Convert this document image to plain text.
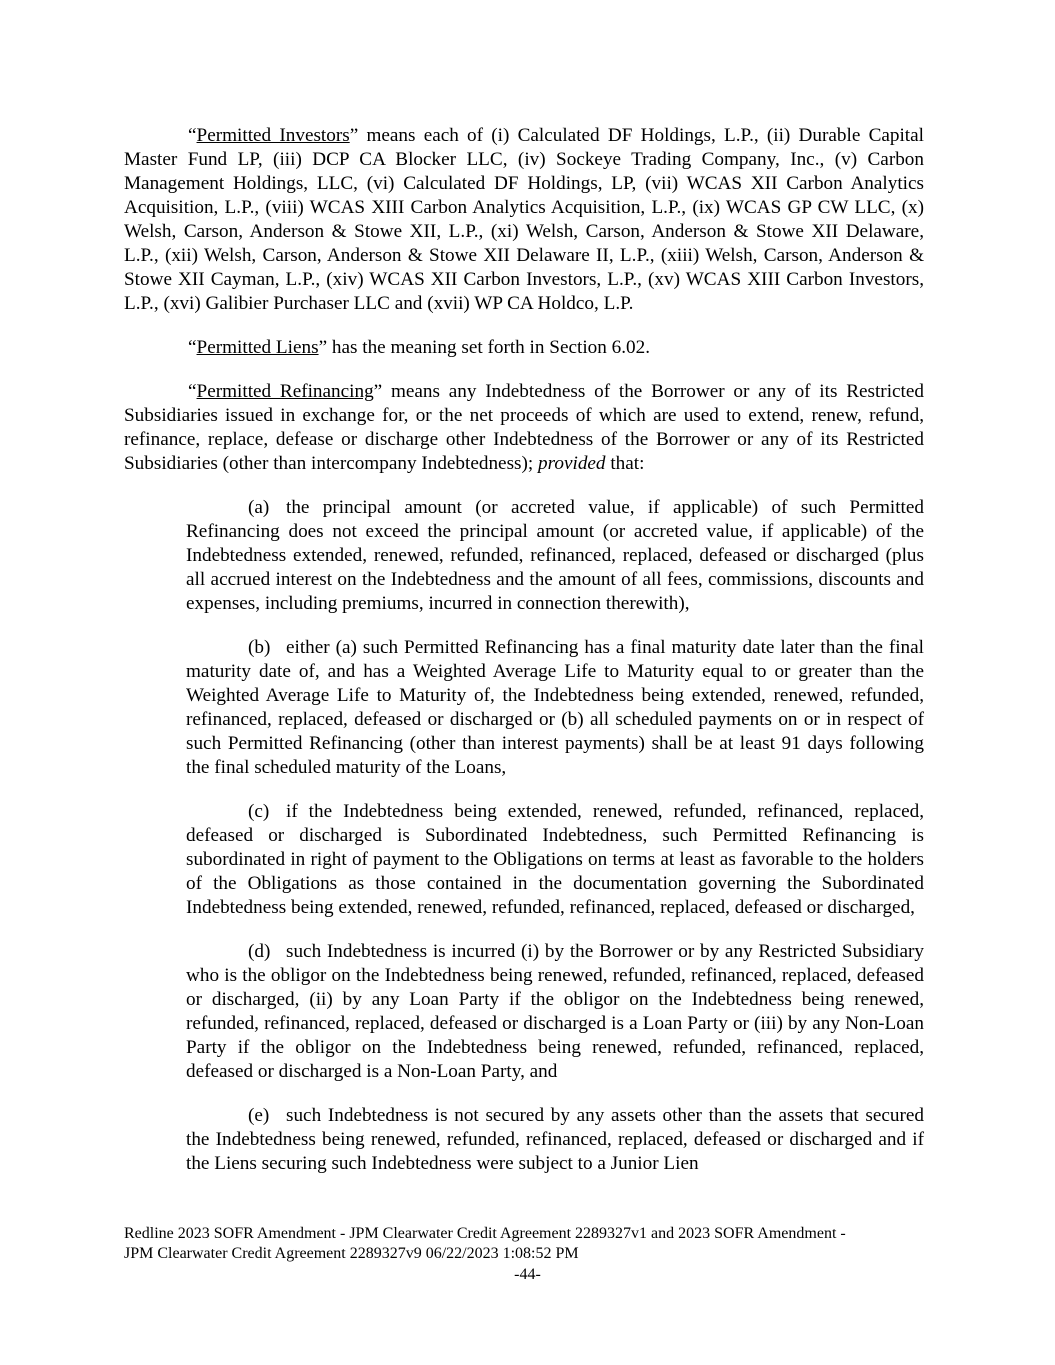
“Permitted Investors” means each of (i) Calculated DF Holdings, L.P., (ii) Durable Capital Master Fund LP, (iii) DCP CA Blocker LLC, (iv) Sockeye Trading Company, Inc., (v) Carbon Management Holdings, LLC, (vi) Calculated DF Holdings, LP, (vii) WCAS XII Carbon Analytics Acquisition, L.P., (viii) WCAS XIII Carbon Analytics Acquisition, L.P., (ix) WCAS GP CW LLC, (x) Welsh, Carson, Anderson & Stowe XII, L.P., (xi) Welsh, Carson, Anderson & Stowe XII Delaware, L.P., (xii) Welsh, Carson, Anderson & Stowe XII Delaware II, L.P., (xiii) Welsh, Carson, Anderson & Stowe XII Cayman, L.P., (xiv) WCAS XII Carbon Investors, L.P., (xv) WCAS XIII Carbon Investors, L.P., (xvi) Galibier Purchaser LLC and (xvii) WP CA Holdco, L.P.

“Permitted Liens” has the meaning set forth in Section 6.02.

“Permitted Refinancing” means any Indebtedness of the Borrower or any of its Restricted Subsidiaries issued in exchange for, or the net proceeds of which are used to extend, renew, refund, refinance, replace, defease or discharge other Indebtedness of the Borrower or any of its Restricted Subsidiaries (other than intercompany Indebtedness); provided that:

(a) the principal amount (or accreted value, if applicable) of such Permitted Refinancing does not exceed the principal amount (or accreted value, if applicable) of the Indebtedness extended, renewed, refunded, refinanced, replaced, defeased or discharged (plus all accrued interest on the Indebtedness and the amount of all fees, commissions, discounts and expenses, including premiums, incurred in connection therewith),

(b) either (a) such Permitted Refinancing has a final maturity date later than the final maturity date of, and has a Weighted Average Life to Maturity equal to or greater than the Weighted Average Life to Maturity of, the Indebtedness being extended, renewed, refunded, refinanced, replaced, defeased or discharged or (b) all scheduled payments on or in respect of such Permitted Refinancing (other than interest payments) shall be at least 91 days following the final scheduled maturity of the Loans,

(c) if the Indebtedness being extended, renewed, refunded, refinanced, replaced, defeased or discharged is Subordinated Indebtedness, such Permitted Refinancing is subordinated in right of payment to the Obligations on terms at least as favorable to the holders of the Obligations as those contained in the documentation governing the Subordinated Indebtedness being extended, renewed, refunded, refinanced, replaced, defeased or discharged,

(d) such Indebtedness is incurred (i) by the Borrower or by any Restricted Subsidiary who is the obligor on the Indebtedness being renewed, refunded, refinanced, replaced, defeased or discharged, (ii) by any Loan Party if the obligor on the Indebtedness being renewed, refunded, refinanced, replaced, defeased or discharged is a Loan Party or (iii) by any Non-Loan Party if the obligor on the Indebtedness being renewed, refunded, refinanced, replaced, defeased or discharged is a Non-Loan Party, and

(e) such Indebtedness is not secured by any assets other than the assets that secured the Indebtedness being renewed, refunded, refinanced, replaced, defeased or discharged and if the Liens securing such Indebtedness were subject to a Junior Lien

Redline 2023 SOFR Amendment - JPM Clearwater Credit Agreement 2289327v1 and 2023 SOFR Amendment -
JPM Clearwater Credit Agreement 2289327v9 06/22/2023 1:08:52 PM
-44-
